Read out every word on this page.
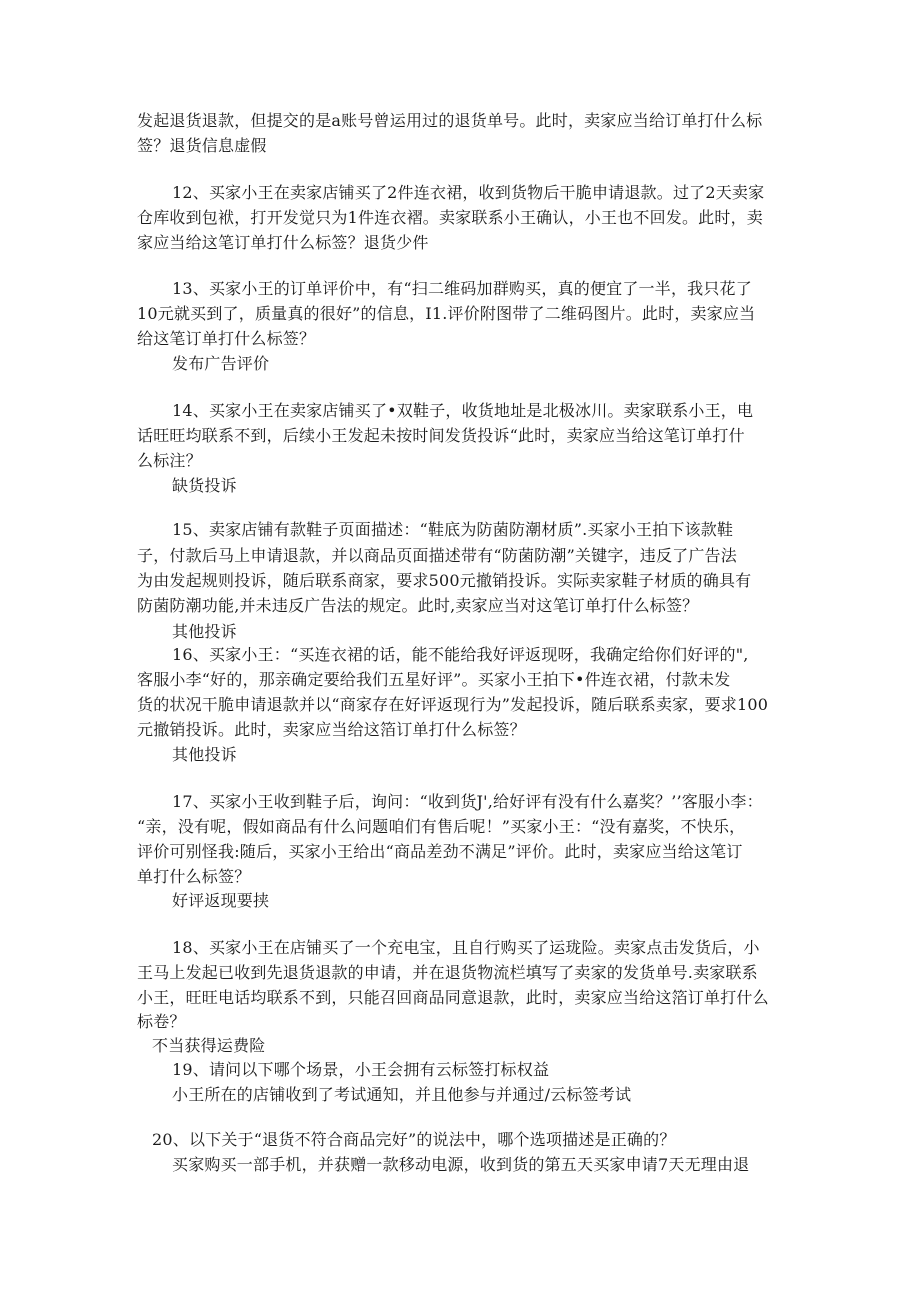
发起退货退款，但提交的是a账号曾运用过的退货单号。此时，卖家应当给订单打什么标
签？退货信息虚假
12、买家小王在卖家店铺买了2件连衣裙，收到货物后干脆申请退款。过了2天卖家
仓库收到包袱，打开发觉只为1件连衣褶。卖家联系小王确认，小王也不回发。此时，卖
家应当给这笔订单打什么标签？退货少件
13、买家小王的订单评价中，有“扫二维码加群购买，真的便宜了一半，我只花了
10元就买到了，质量真的很好”的信息，I1.评价附图带了二维码图片。此时，卖家应当
给这笔订单打什么标签？
发布广告评价
14、买家小王在卖家店铺买了•双鞋子，收货地址是北极冰川。卖家联系小王，电
话旺旺均联系不到，后续小王发起未按时间发货投诉“此时，卖家应当给这笔订单打什
么标注？
缺货投诉
15、卖家店铺有款鞋子页面描述：“鞋底为防菌防潮材质”.买家小王拍下该款鞋
子，付款后马上申请退款，并以商品页面描述带有“防菌防潮”关键字，违反了广告法
为由发起规则投诉，随后联系商家，要求500元撤销投诉。实际卖家鞋子材质的确具有
防菌防潮功能,并未违反广告法的规定。此时,卖家应当对这笔订单打什么标签？
其他投诉
16、买家小王：“买连衣裙的话，能不能给我好评返现呀，我确定给你们好评的",
客服小李“好的，那亲确定要给我们五星好评”。买家小王拍下•件连衣裙，付款未发
货的状况干脆申请退款并以“商家存在好评返现行为”发起投诉，随后联系卖家，要求100
元撤销投诉。此时，卖家应当给这箔订单打什么标签？
其他投诉
17、买家小王收到鞋子后，询问：“收到货J',给好评有没有什么嘉奖？’’客服小李：
“亲，没有呢，假如商品有什么问题咱们有售后呢！”买家小王：“没有嘉奖，不快乐，
评价可别怪我:随后，买家小王给出“商品差劲不满足”评价。此时，卖家应当给这笔订
单打什么标签？
好评返现要挟
18、买家小王在店铺买了一个充电宝，且自行购买了运珑险。卖家点击发货后，小
王马上发起已收到先退货退款的申请，并在退货物流栏填写了卖家的发货单号.卖家联系
小王，旺旺电话均联系不到，只能召回商品同意退款，此时，卖家应当给这箔订单打什么
标卷？
不当获得运费险
19、请问以下哪个场景，小王会拥有云标签打标权益
小王所在的店铺收到了考试通知，并且他参与并通过/云标签考试
20、以下关于“退货不符合商品完好”的说法中，哪个选项描述是正确的？
买家购买一部手机，并获赠一款移动电源，收到货的第五天买家申请7天无理由退
